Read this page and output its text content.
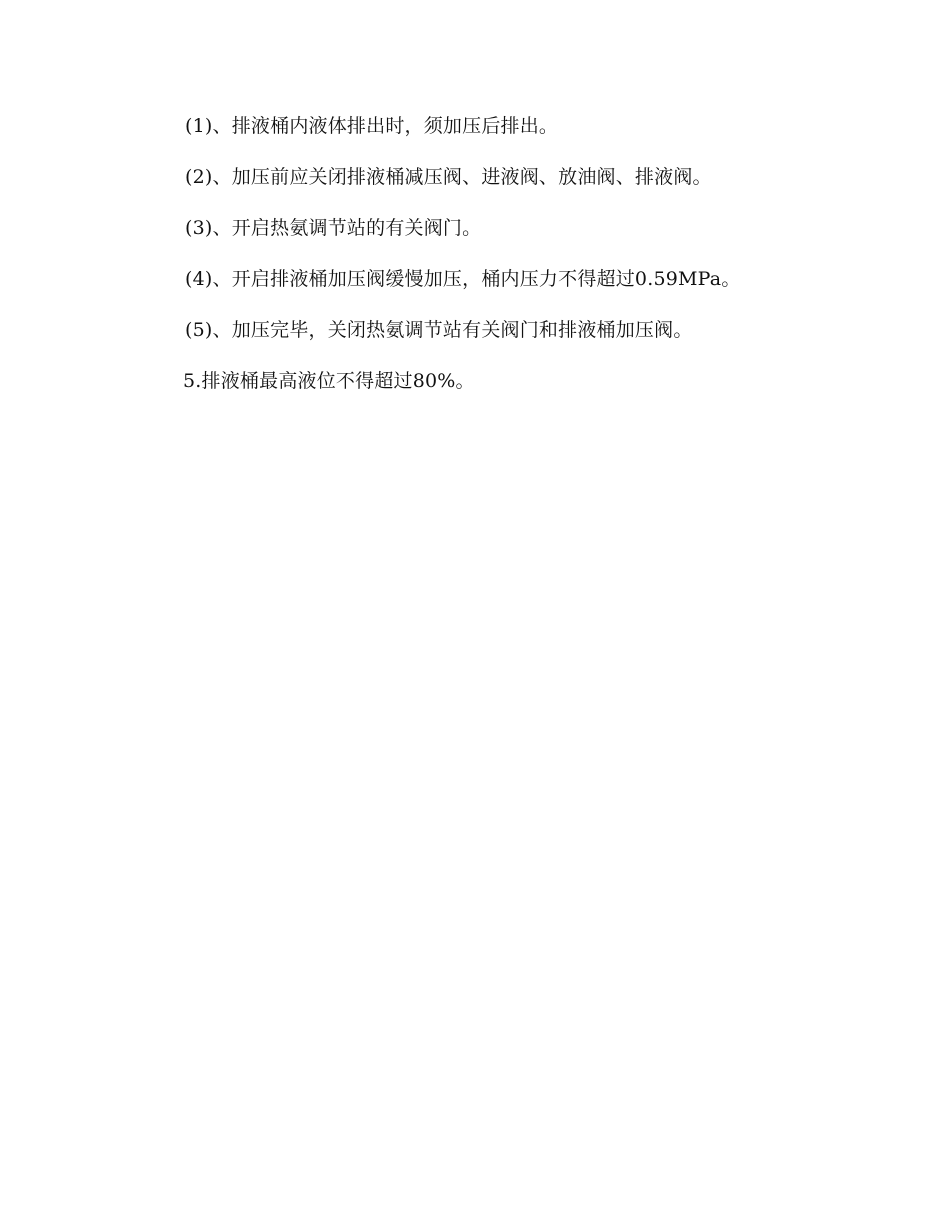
(1)、排液桶内液体排出时，须加压后排出。
(2)、加压前应关闭排液桶减压阀、进液阀、放油阀、排液阀。
(3)、开启热氨调节站的有关阀门。
(4)、开启排液桶加压阀缓慢加压，桶内压力不得超过0.59MPa。
(5)、加压完毕，关闭热氨调节站有关阀门和排液桶加压阀。
5.排液桶最高液位不得超过80%。
